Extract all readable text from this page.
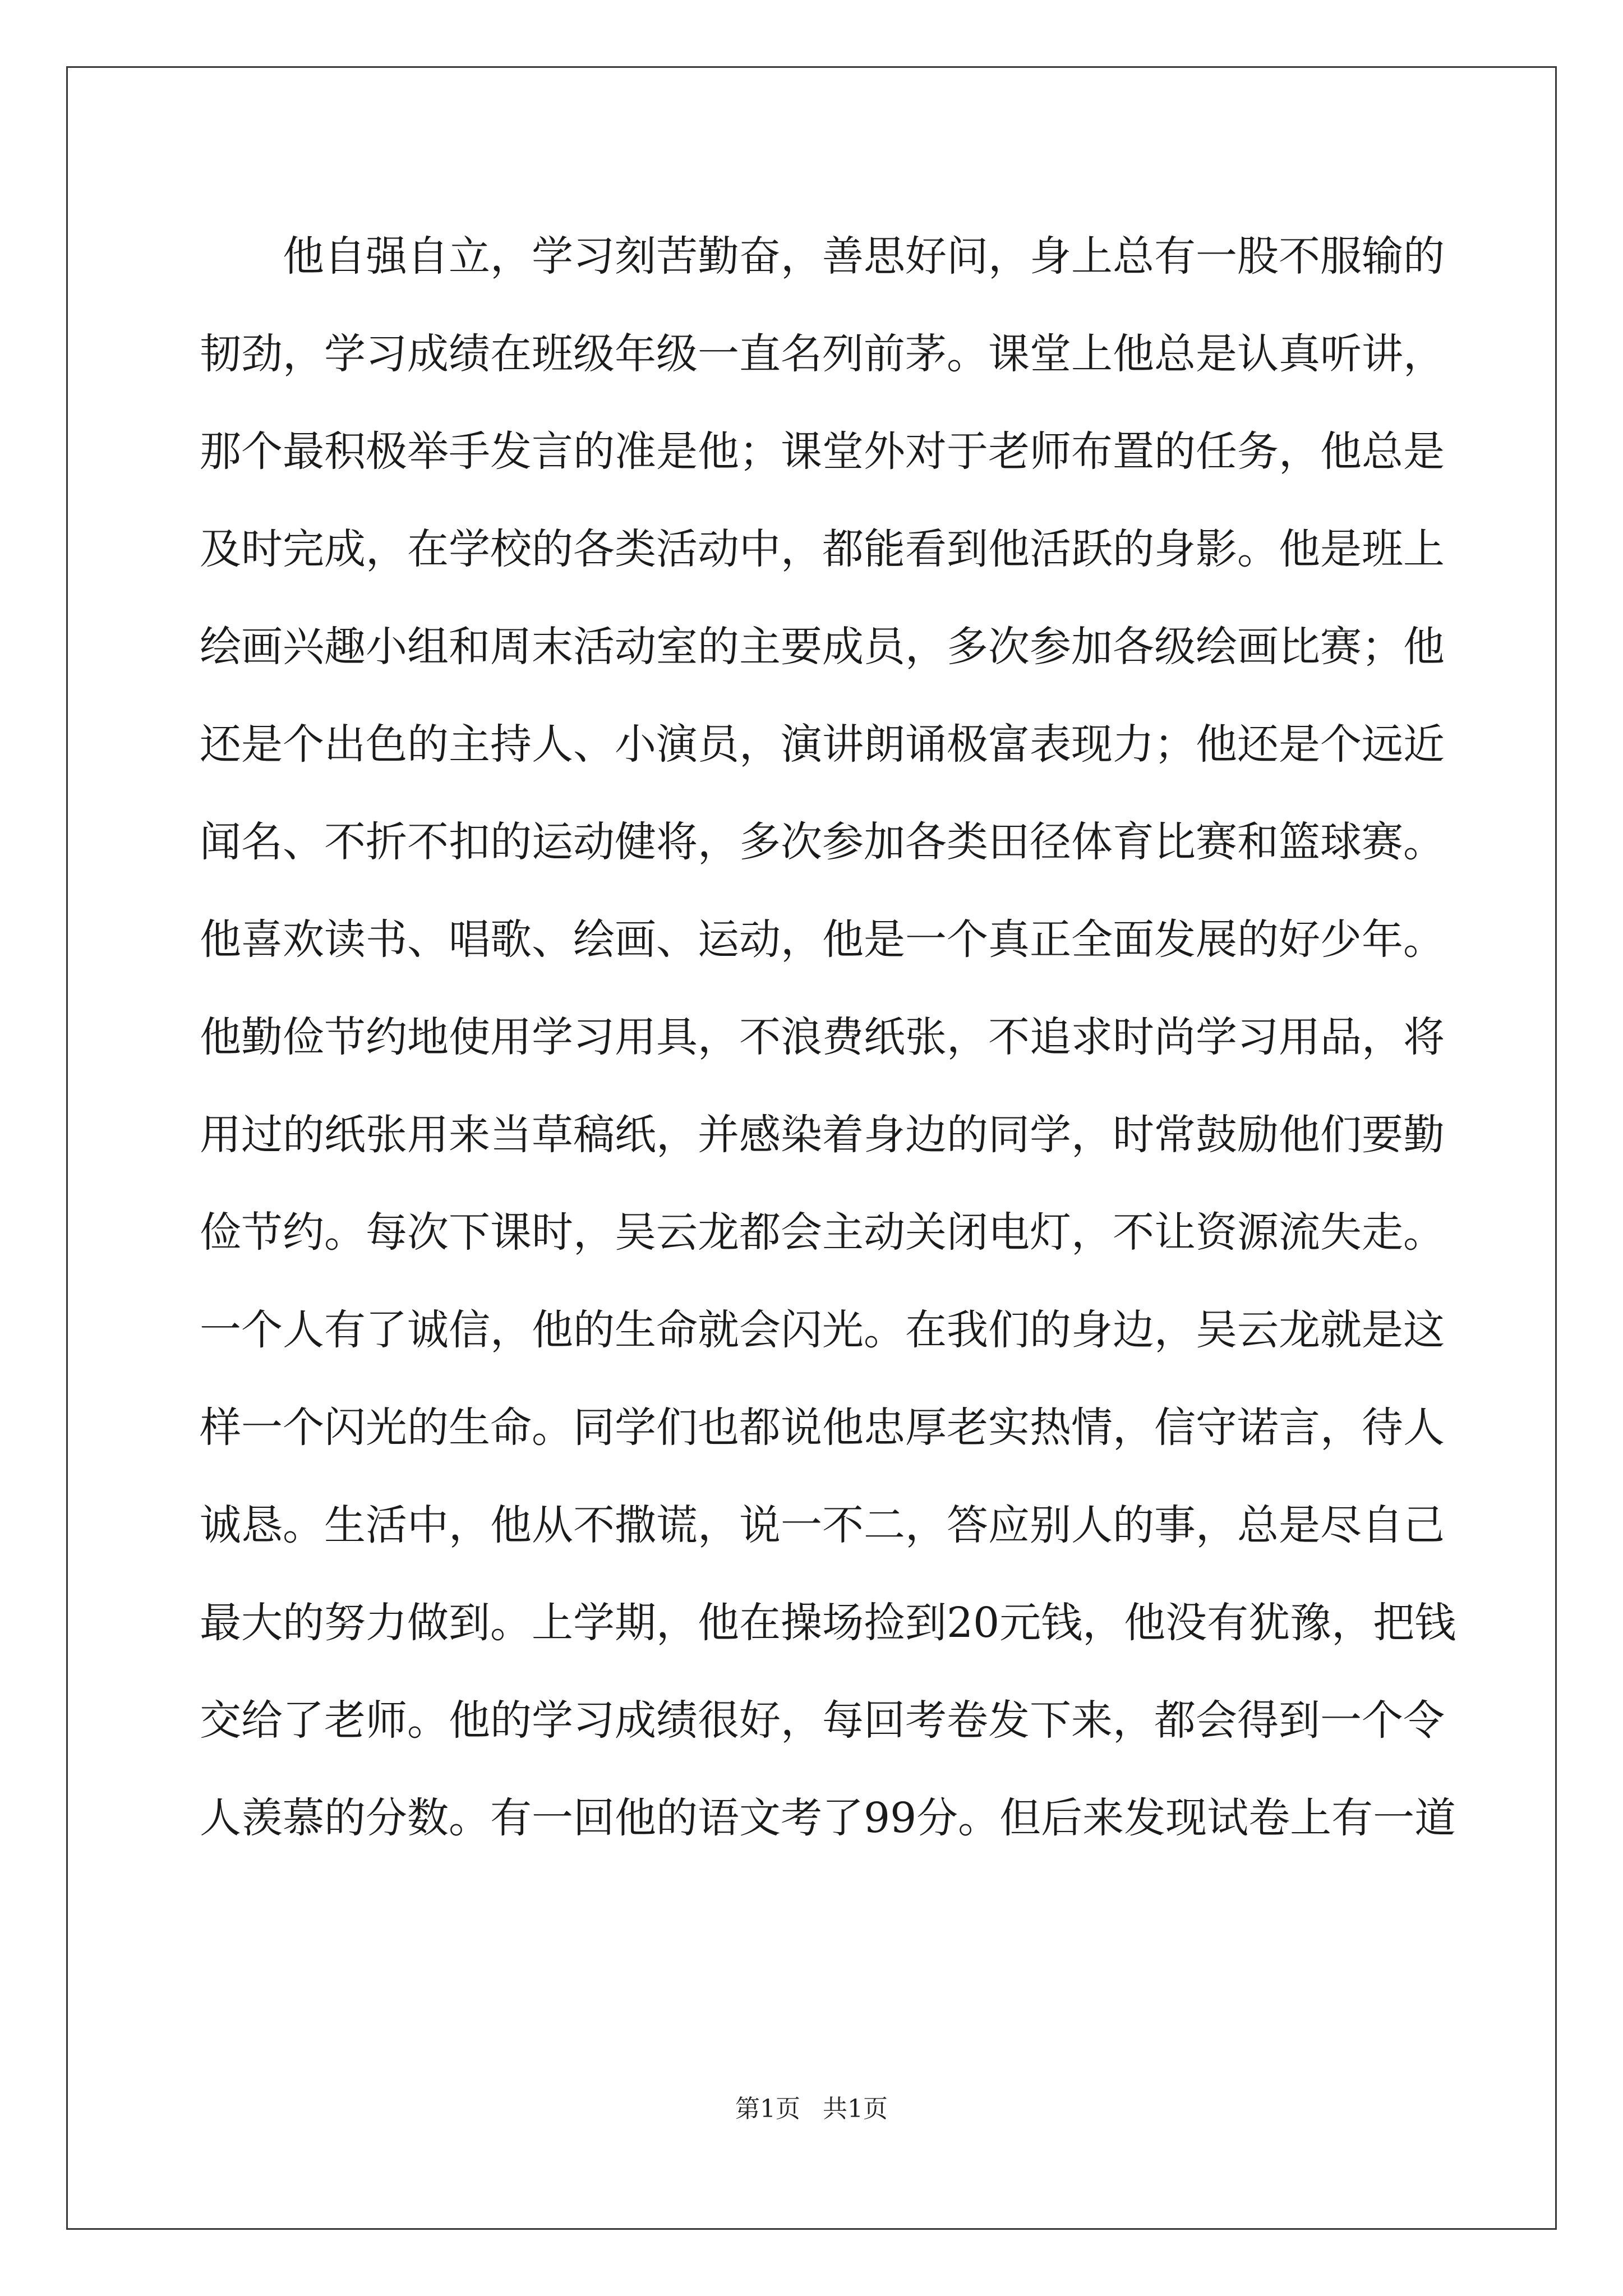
他自强自立，学习刻苦勤奋，善思好问，身上总有一股不服输的
韧劲，学习成绩在班级年级一直名列前茅。课堂上他总是认真听讲，
那个最积极举手发言的准是他；课堂外对于老师布置的任务，他总是
及时完成，在学校的各类活动中，都能看到他活跃的身影。他是班上
绘画兴趣小组和周末活动室的主要成员，多次参加各级绘画比赛；他
还是个出色的主持人、小演员，演讲朗诵极富表现力；他还是个远近
闻名、不折不扣的运动健将，多次参加各类田径体育比赛和篮球赛。
他喜欢读书、唱歌、绘画、运动，他是一个真正全面发展的好少年。
他勤俭节约地使用学习用具，不浪费纸张，不追求时尚学习用品，将
用过的纸张用来当草稿纸，并感染着身边的同学，时常鼓励他们要勤
俭节约。每次下课时，吴云龙都会主动关闭电灯，不让资源流失走。
一个人有了诚信，他的生命就会闪光。在我们的身边，吴云龙就是这
样一个闪光的生命。同学们也都说他忠厚老实热情，信守诺言，待人
诚恳。生活中，他从不撒谎，说一不二，答应别人的事，总是尽自己
最大的努力做到。上学期，他在操场捡到20元钱，他没有犹豫，把钱
交给了老师。他的学习成绩很好，每回考卷发下来，都会得到一个令
人羡慕的分数。有一回他的语文考了99分。但后来发现试卷上有一道
第1页 共1页
